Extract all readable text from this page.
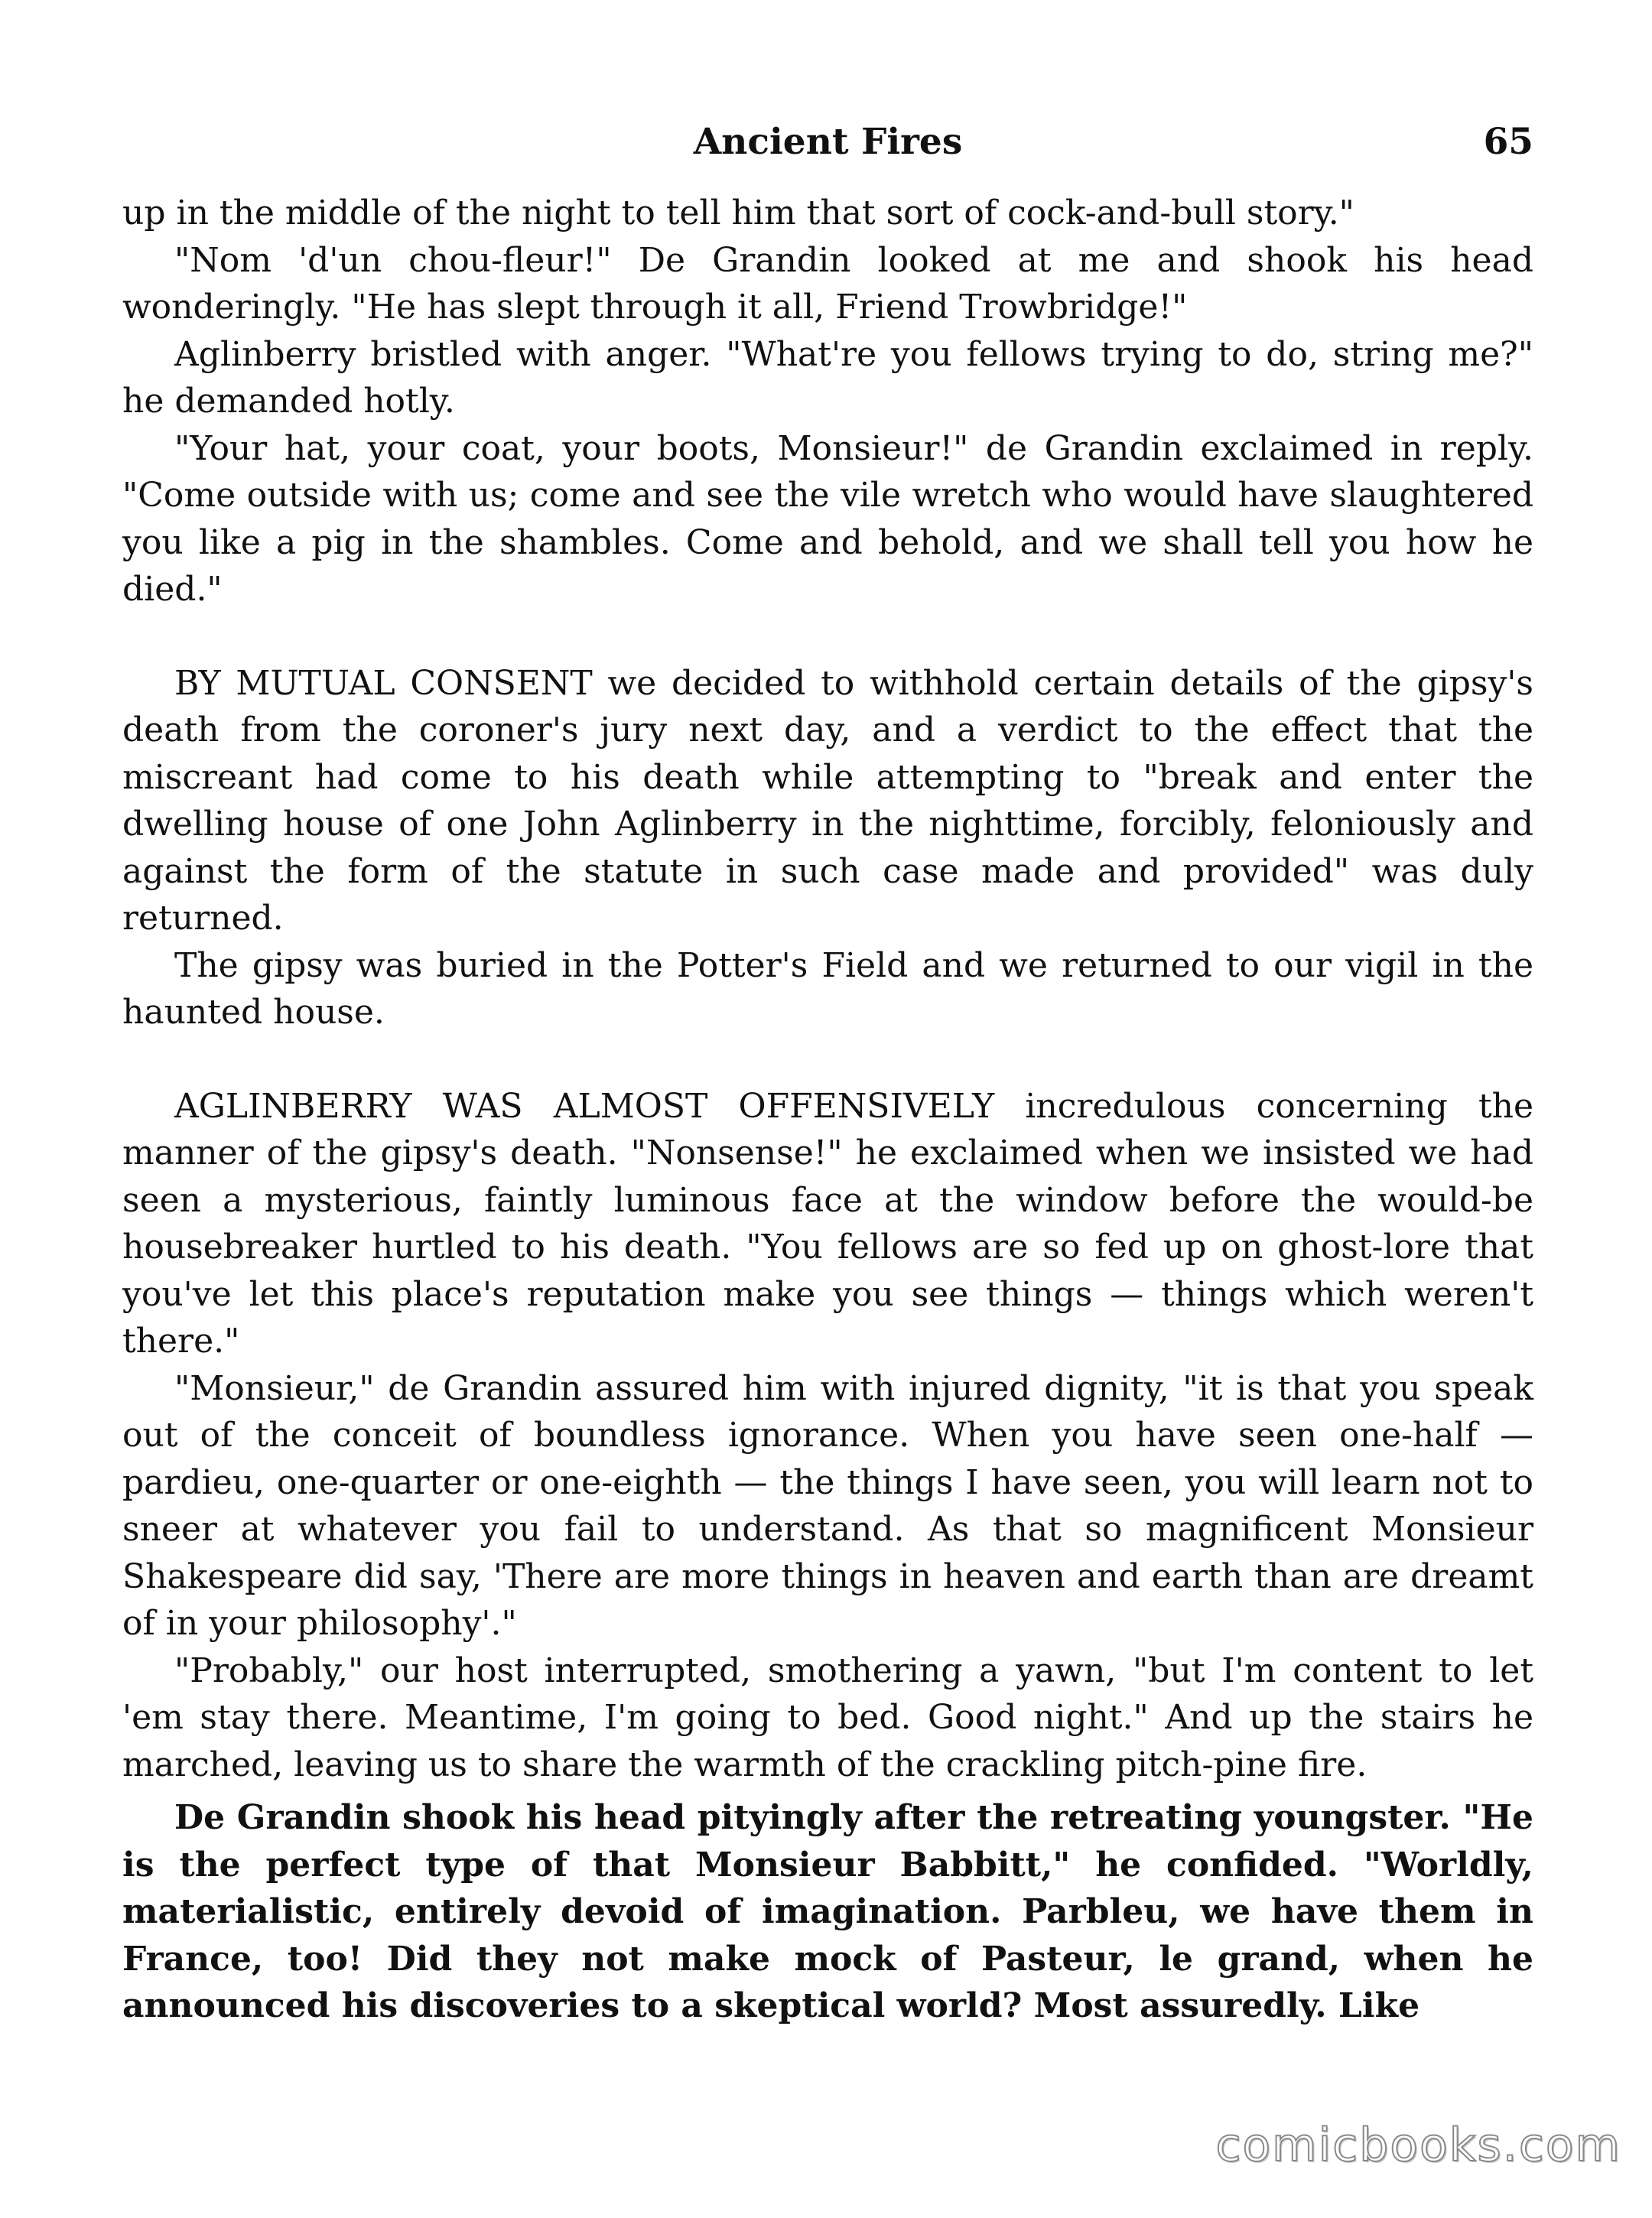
Ancient Fires	65

up in the middle of the night to tell him that sort of cock-and-bull story."

"Nom 'd'un chou-fleur!" De Grandin looked at me and shook his head wonderingly. "He has slept through it all, Friend Trowbridge!"

Aglinberry bristled with anger. "What're you fellows trying to do, string me?" he demanded hotly.

"Your hat, your coat, your boots, Monsieur!" de Grandin exclaimed in reply. "Come outside with us; come and see the vile wretch who would have slaughtered you like a pig in the shambles. Come and behold, and we shall tell you how he died."

BY MUTUAL CONSENT we decided to withhold certain details of the gipsy's death from the coroner's jury next day, and a verdict to the effect that the miscreant had come to his death while attempting to "break and enter the dwelling house of one John Aglinberry in the nighttime, forcibly, feloniously and against the form of the statute in such case made and provided" was duly returned.

The gipsy was buried in the Potter's Field and we returned to our vigil in the haunted house.

AGLINBERRY WAS ALMOST OFFENSIVELY incredulous concerning the manner of the gipsy's death. "Nonsense!" he exclaimed when we insisted we had seen a mysterious, faintly luminous face at the window before the would-be housebreaker hurtled to his death. "You fellows are so fed up on ghost-lore that you've let this place's reputation make you see things — things which weren't there."

"Monsieur," de Grandin assured him with injured dignity, "it is that you speak out of the conceit of boundless ignorance. When you have seen one-half — pardieu, one-quarter or one-eighth — the things I have seen, you will learn not to sneer at whatever you fail to understand. As that so magnificent Monsieur Shakespeare did say, 'There are more things in heaven and earth than are dreamt of in your philosophy'."

"Probably," our host interrupted, smothering a yawn, "but I'm content to let 'em stay there. Meantime, I'm going to bed. Good night." And up the stairs he marched, leaving us to share the warmth of the crackling pitch-pine fire.

De Grandin shook his head pityingly after the retreating youngster. "He is the perfect type of that Monsieur Babbitt," he confided. "Worldly, materialistic, entirely devoid of imagination. Parbleu, we have them in France, too! Did they not make mock of Pasteur, le grand, when he announced his discoveries to a skeptical world? Most assuredly. Like

comicbooks.com
